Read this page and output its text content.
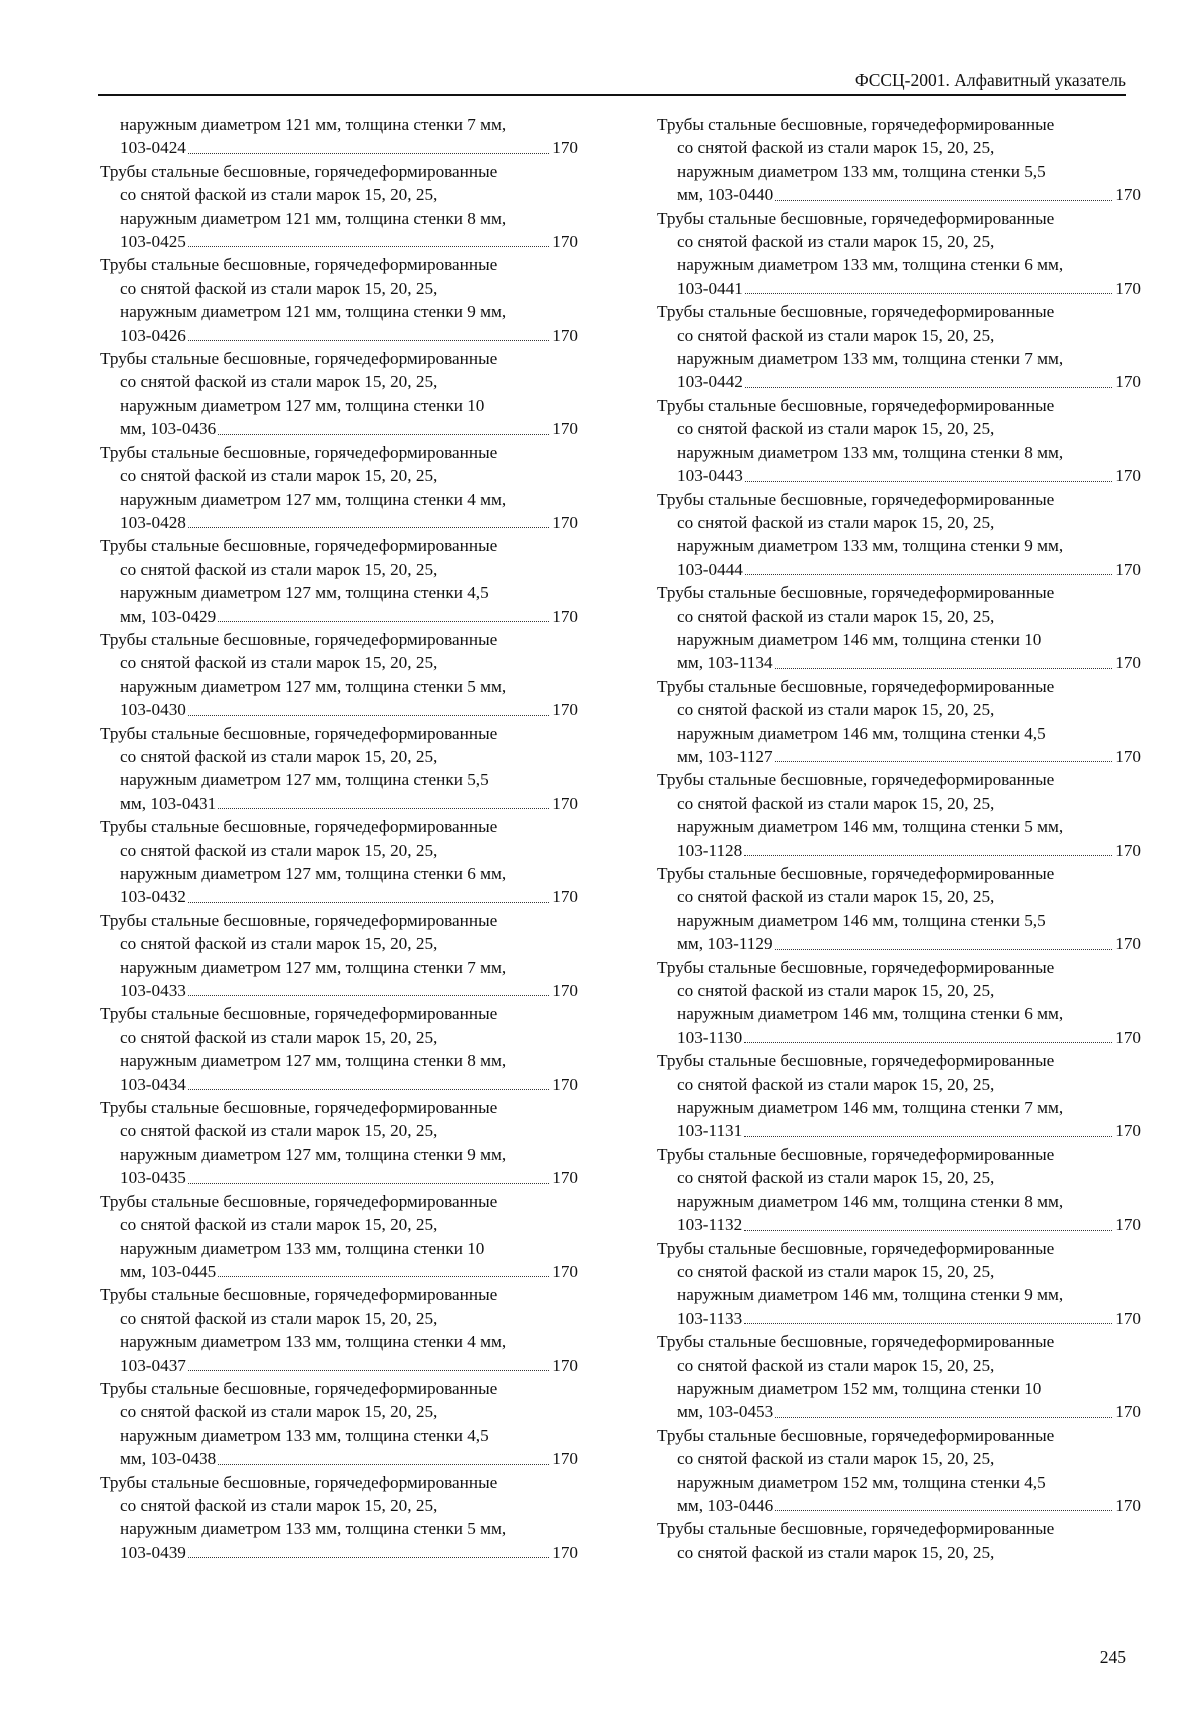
ФССЦ-2001. Алфавитный указатель
наружным диаметром 121 мм, толщина стенки 7 мм,
103-0424	170
Трубы стальные бесшовные, горячедеформированные
со снятой фаской из стали марок 15, 20, 25,
наружным диаметром 121 мм, толщина стенки 8 мм,
103-0425	170
Трубы стальные бесшовные, горячедеформированные
со снятой фаской из стали марок 15, 20, 25,
наружным диаметром 121 мм, толщина стенки 9 мм,
103-0426	170
Трубы стальные бесшовные, горячедеформированные
со снятой фаской из стали марок 15, 20, 25,
наружным диаметром 127 мм, толщина стенки 10
мм, 103-0436	170
Трубы стальные бесшовные, горячедеформированные
со снятой фаской из стали марок 15, 20, 25,
наружным диаметром 127 мм, толщина стенки 4 мм,
103-0428	170
Трубы стальные бесшовные, горячедеформированные
со снятой фаской из стали марок 15, 20, 25,
наружным диаметром 127 мм, толщина стенки 4,5
мм, 103-0429	170
Трубы стальные бесшовные, горячедеформированные
со снятой фаской из стали марок 15, 20, 25,
наружным диаметром 127 мм, толщина стенки 5 мм,
103-0430	170
Трубы стальные бесшовные, горячедеформированные
со снятой фаской из стали марок 15, 20, 25,
наружным диаметром 127 мм, толщина стенки 5,5
мм, 103-0431	170
Трубы стальные бесшовные, горячедеформированные
со снятой фаской из стали марок 15, 20, 25,
наружным диаметром 127 мм, толщина стенки 6 мм,
103-0432	170
Трубы стальные бесшовные, горячедеформированные
со снятой фаской из стали марок 15, 20, 25,
наружным диаметром 127 мм, толщина стенки 7 мм,
103-0433	170
Трубы стальные бесшовные, горячедеформированные
со снятой фаской из стали марок 15, 20, 25,
наружным диаметром 127 мм, толщина стенки 8 мм,
103-0434	170
Трубы стальные бесшовные, горячедеформированные
со снятой фаской из стали марок 15, 20, 25,
наружным диаметром 127 мм, толщина стенки 9 мм,
103-0435	170
Трубы стальные бесшовные, горячедеформированные
со снятой фаской из стали марок 15, 20, 25,
наружным диаметром 133 мм, толщина стенки 10
мм, 103-0445	170
Трубы стальные бесшовные, горячедеформированные
со снятой фаской из стали марок 15, 20, 25,
наружным диаметром 133 мм, толщина стенки 4 мм,
103-0437	170
Трубы стальные бесшовные, горячедеформированные
со снятой фаской из стали марок 15, 20, 25,
наружным диаметром 133 мм, толщина стенки 4,5
мм, 103-0438	170
Трубы стальные бесшовные, горячедеформированные
со снятой фаской из стали марок 15, 20, 25,
наружным диаметром 133 мм, толщина стенки 5 мм,
103-0439	170
Трубы стальные бесшовные, горячедеформированные
со снятой фаской из стали марок 15, 20, 25,
наружным диаметром 133 мм, толщина стенки 5,5
мм, 103-0440	170
Трубы стальные бесшовные, горячедеформированные
со снятой фаской из стали марок 15, 20, 25,
наружным диаметром 133 мм, толщина стенки 6 мм,
103-0441	170
Трубы стальные бесшовные, горячедеформированные
со снятой фаской из стали марок 15, 20, 25,
наружным диаметром 133 мм, толщина стенки 7 мм,
103-0442	170
Трубы стальные бесшовные, горячедеформированные
со снятой фаской из стали марок 15, 20, 25,
наружным диаметром 133 мм, толщина стенки 8 мм,
103-0443	170
Трубы стальные бесшовные, горячедеформированные
со снятой фаской из стали марок 15, 20, 25,
наружным диаметром 133 мм, толщина стенки 9 мм,
103-0444	170
Трубы стальные бесшовные, горячедеформированные
со снятой фаской из стали марок 15, 20, 25,
наружным диаметром 146 мм, толщина стенки 10
мм, 103-1134	170
Трубы стальные бесшовные, горячедеформированные
со снятой фаской из стали марок 15, 20, 25,
наружным диаметром 146 мм, толщина стенки 4,5
мм, 103-1127	170
Трубы стальные бесшовные, горячедеформированные
со снятой фаской из стали марок 15, 20, 25,
наружным диаметром 146 мм, толщина стенки 5 мм,
103-1128	170
Трубы стальные бесшовные, горячедеформированные
со снятой фаской из стали марок 15, 20, 25,
наружным диаметром 146 мм, толщина стенки 5,5
мм, 103-1129	170
Трубы стальные бесшовные, горячедеформированные
со снятой фаской из стали марок 15, 20, 25,
наружным диаметром 146 мм, толщина стенки 6 мм,
103-1130	170
Трубы стальные бесшовные, горячедеформированные
со снятой фаской из стали марок 15, 20, 25,
наружным диаметром 146 мм, толщина стенки 7 мм,
103-1131	170
Трубы стальные бесшовные, горячедеформированные
со снятой фаской из стали марок 15, 20, 25,
наружным диаметром 146 мм, толщина стенки 8 мм,
103-1132	170
Трубы стальные бесшовные, горячедеформированные
со снятой фаской из стали марок 15, 20, 25,
наружным диаметром 146 мм, толщина стенки 9 мм,
103-1133	170
Трубы стальные бесшовные, горячедеформированные
со снятой фаской из стали марок 15, 20, 25,
наружным диаметром 152 мм, толщина стенки 10
мм, 103-0453	170
Трубы стальные бесшовные, горячедеформированные
со снятой фаской из стали марок 15, 20, 25,
наружным диаметром 152 мм, толщина стенки 4,5
мм, 103-0446	170
Трубы стальные бесшовные, горячедеформированные
со снятой фаской из стали марок 15, 20, 25,
245
